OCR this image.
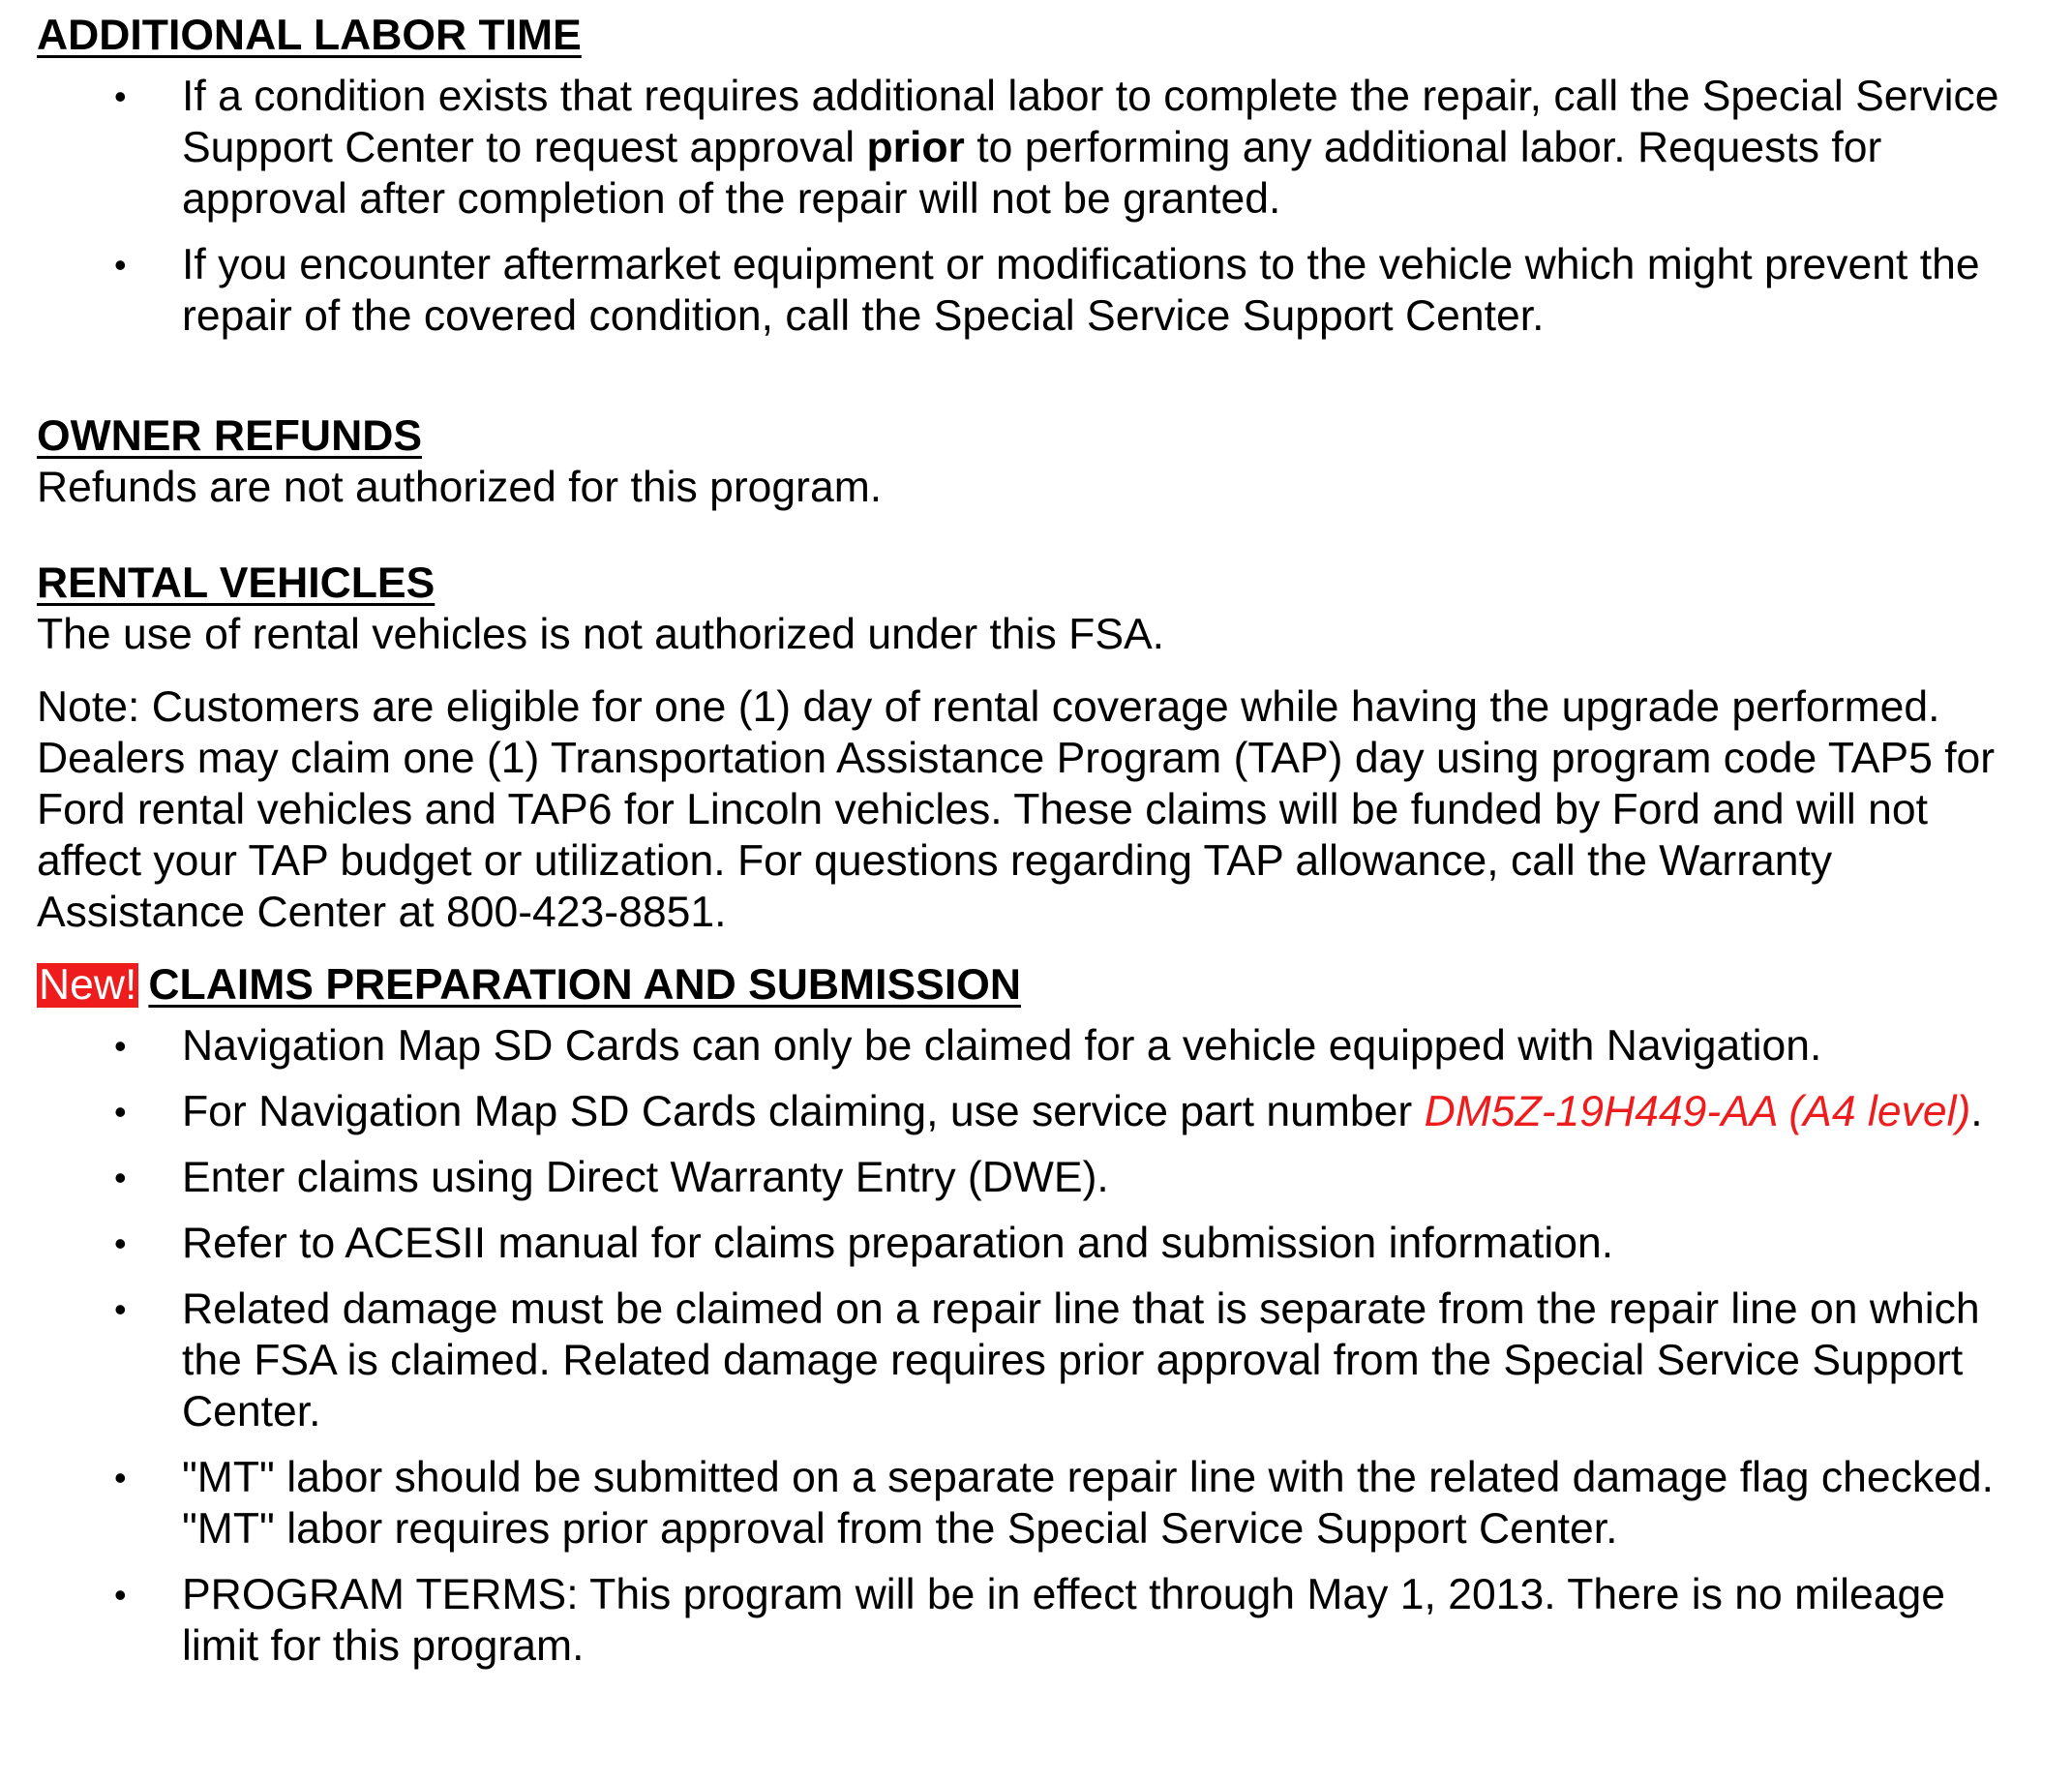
ADDITIONAL LABOR TIME
• If a condition exists that requires additional labor to complete the repair, call the Special Service Support Center to request approval prior to performing any additional labor. Requests for approval after completion of the repair will not be granted.
• If you encounter aftermarket equipment or modifications to the vehicle which might prevent the repair of the covered condition, call the Special Service Support Center.
OWNER REFUNDS

Refunds are not authorized for this program.

RENTAL VEHICLES

The use of rental vehicles is not authorized under this FSA.

Note: Customers are eligible for one (1) day of rental coverage while having the upgrade performed. Dealers may claim one (1) Transportation Assistance Program (TAP) day using program code TAP5 for Ford rental vehicles and TAP6 for Lincoln vehicles. These claims will be funded by Ford and will not affect your TAP budget or utilization. For questions regarding TAP allowance, call the Warranty Assistance Center at 800-423-8851.

New! CLAIMS PREPARATION AND SUBMISSION
• Navigation Map SD Cards can only be claimed for a vehicle equipped with Navigation.
• For Navigation Map SD Cards claiming, use service part number DM5Z-19H449-AA (A4 level).
• Enter claims using Direct Warranty Entry (DWE).
• Refer to ACESII manual for claims preparation and submission information.
• Related damage must be claimed on a repair line that is separate from the repair line on which the FSA is claimed. Related damage requires prior approval from the Special Service Support Center.
• "MT" labor should be submitted on a separate repair line with the related damage flag checked. "MT" labor requires prior approval from the Special Service Support Center.
• PROGRAM TERMS: This program will be in effect through May 1, 2013. There is no mileage limit for this program.
